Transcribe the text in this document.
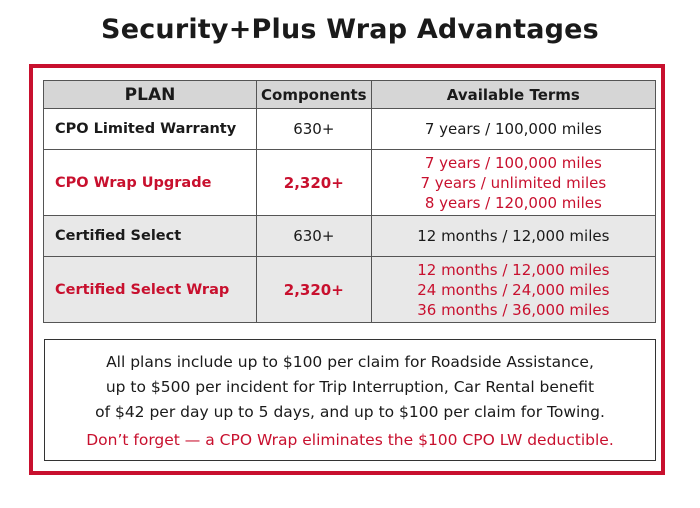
Security+Plus Wrap Advantages
PLAN	Components	Available Terms
CPO Limited Warranty	630+	7 years / 100,000 miles

CPO Wrap Upgrade	2,320+	7 years / 100,000 miles
7 years / unlimited miles
8 years / 120,000 miles

Certified Select	630+	12 months / 12,000 miles

Certified Select Wrap	2,320+	12 months / 12,000 miles
24 months / 24,000 miles
36 months / 36,000 miles
All plans include up to $100 per claim for Roadside Assistance,
up to $500 per incident for Trip Interruption, Car Rental benefit
of $42 per day up to 5 days, and up to $100 per claim for Towing.
Don’t forget — a CPO Wrap eliminates the $100 CPO LW deductible.
